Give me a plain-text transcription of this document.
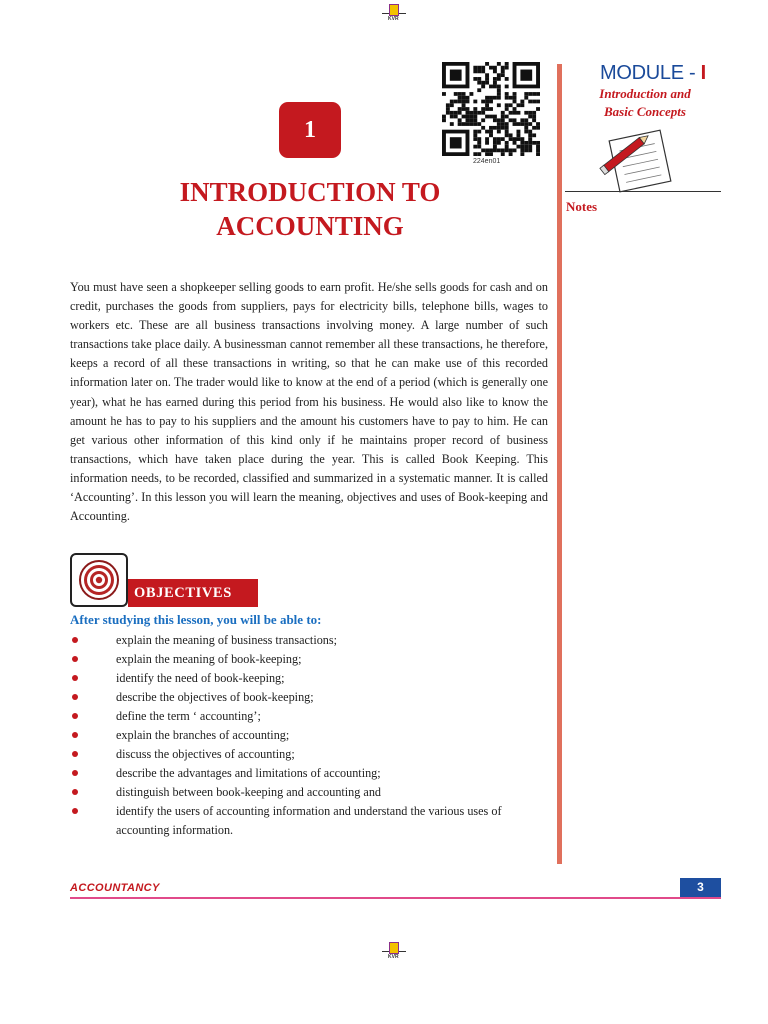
KVR
224en01
1
INTRODUCTION TO
ACCOUNTING
MODULE - I
Introduction and
Basic Concepts
Notes
You must have seen a shopkeeper selling goods to earn profit. He/she sells goods for cash and on credit, purchases the goods from suppliers, pays for electricity bills, telephone bills, wages to workers etc. These are all business transactions involving money. A large number of such transactions take place daily. A businessman cannot remember all these transactions, he therefore, keeps a record of all these transactions in writing, so that he can make use of this recorded information later on. The trader would like to know at the end of a period (which is generally one year), what he has earned during this period from his business. He would also like to know the amount he has to pay to his suppliers and the amount his customers have to pay to him. He can get various other information of this kind only if he maintains proper record of business transactions, which have taken place during the year. This is called Book Keeping. This information needs, to be recorded, classified and summarized in a systematic manner. It is called ‘Accounting’. In this lesson you will learn the meaning, objectives and uses of Book-keeping and Accounting.
OBJECTIVES
After studying this lesson, you will be able to:
explain the meaning of business transactions;
explain the meaning of book-keeping;
identify the need of book-keeping;
describe the objectives of book-keeping;
define the term ‘ accounting’;
explain the branches of accounting;
discuss the objectives of accounting;
describe the advantages and limitations of accounting;
distinguish between book-keeping and accounting and
identify the users of accounting information and understand the various uses of accounting information.
ACCOUNTANCY	3
KVR
